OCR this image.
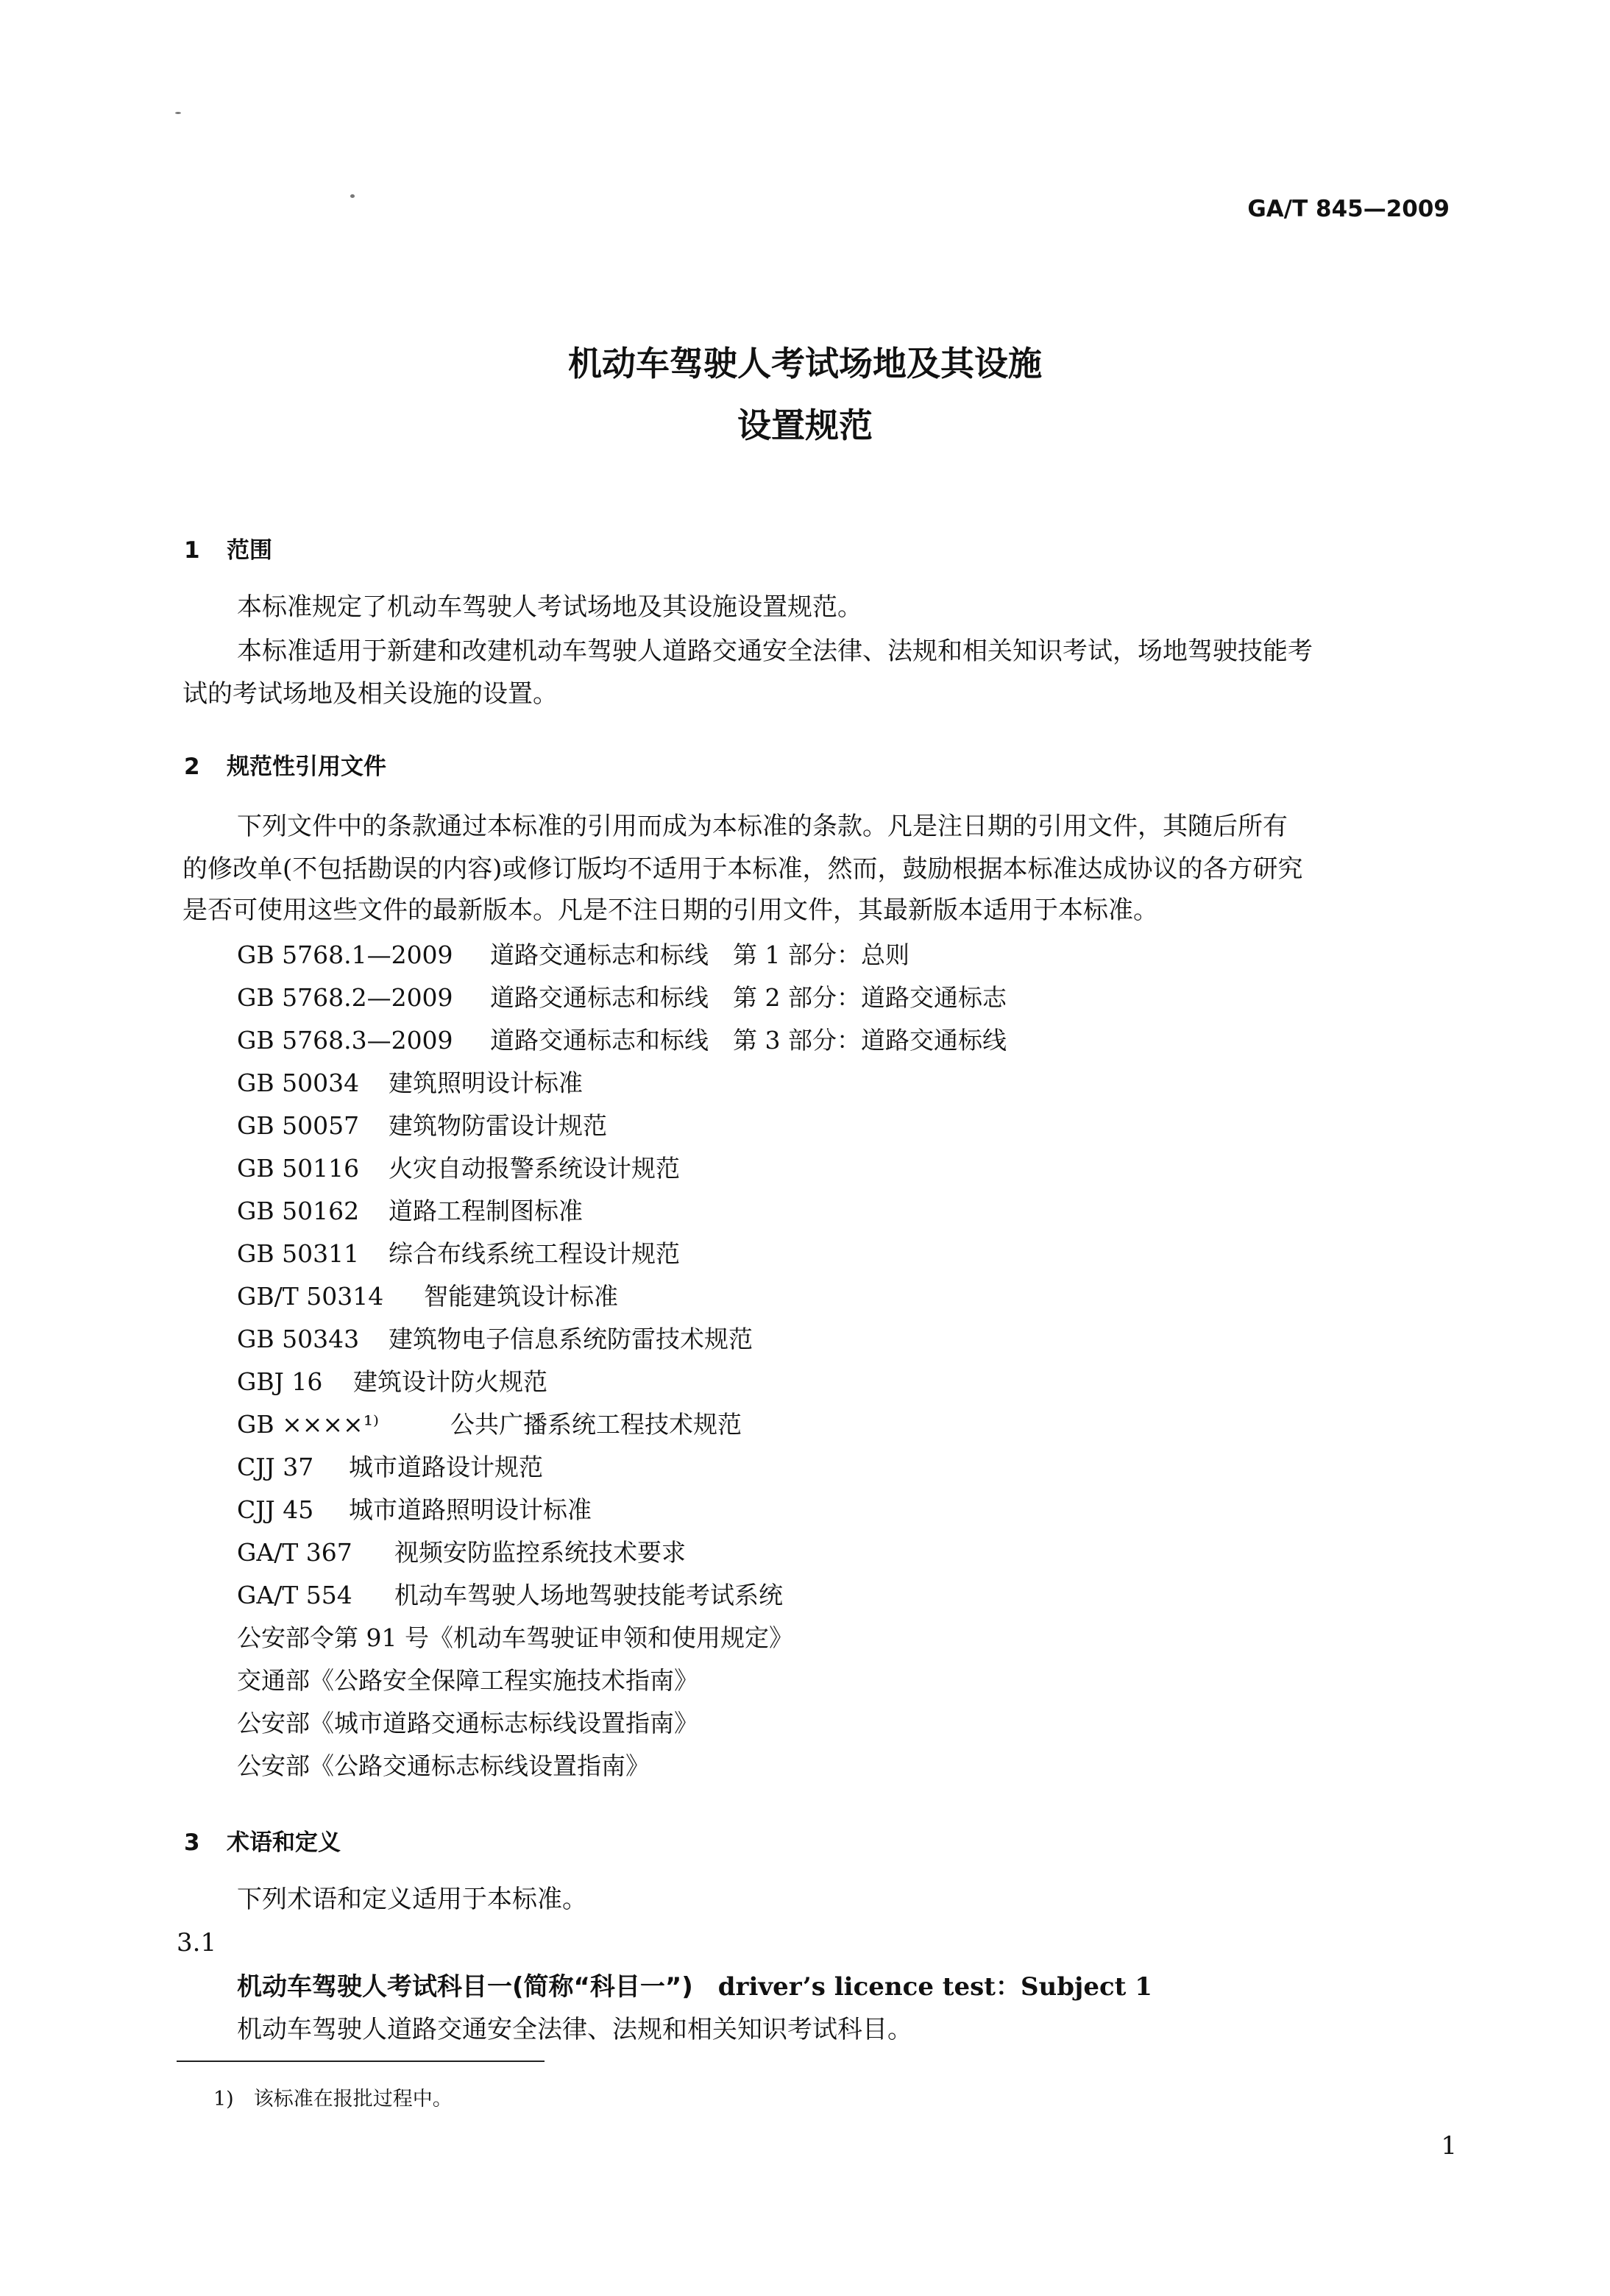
GA/T 845—2009
机动车驾驶人考试场地及其设施
设置规范
1 范围
本标准规定了机动车驾驶人考试场地及其设施设置规范。
本标准适用于新建和改建机动车驾驶人道路交通安全法律、法规和相关知识考试，场地驾驶技能考
试的考试场地及相关设施的设置。
2 规范性引用文件
下列文件中的条款通过本标准的引用而成为本标准的条款。凡是注日期的引用文件，其随后所有
的修改单(不包括勘误的内容)或修订版均不适用于本标准，然而，鼓励根据本标准达成协议的各方研究
是否可使用这些文件的最新版本。凡是不注日期的引用文件，其最新版本适用于本标准。
GB 5768.1—2009 道路交通标志和标线　第 1 部分：总则
GB 5768.2—2009 道路交通标志和标线　第 2 部分：道路交通标志
GB 5768.3—2009 道路交通标志和标线　第 3 部分：道路交通标线
GB 50034 建筑照明设计标准
GB 50057 建筑物防雷设计规范
GB 50116 火灾自动报警系统设计规范
GB 50162 道路工程制图标准
GB 50311 综合布线系统工程设计规范
GB/T 50314 智能建筑设计标准
GB 50343 建筑物电子信息系统防雷技术规范
GBJ 16 建筑设计防火规范
GB ××××¹⁾	公共广播系统工程技术规范
CJJ 37 城市道路设计规范
CJJ 45 城市道路照明设计标准
GA/T 367 视频安防监控系统技术要求
GA/T 554 机动车驾驶人场地驾驶技能考试系统
公安部令第 91 号《机动车驾驶证申领和使用规定》
交通部《公路安全保障工程实施技术指南》
公安部《城市道路交通标志标线设置指南》
公安部《公路交通标志标线设置指南》
3 术语和定义
下列术语和定义适用于本标准。
3.1
机动车驾驶人考试科目一(简称“科目一”) driver’s licence test：Subject 1
机动车驾驶人道路交通安全法律、法规和相关知识考试科目。
1)　该标准在报批过程中。
1
